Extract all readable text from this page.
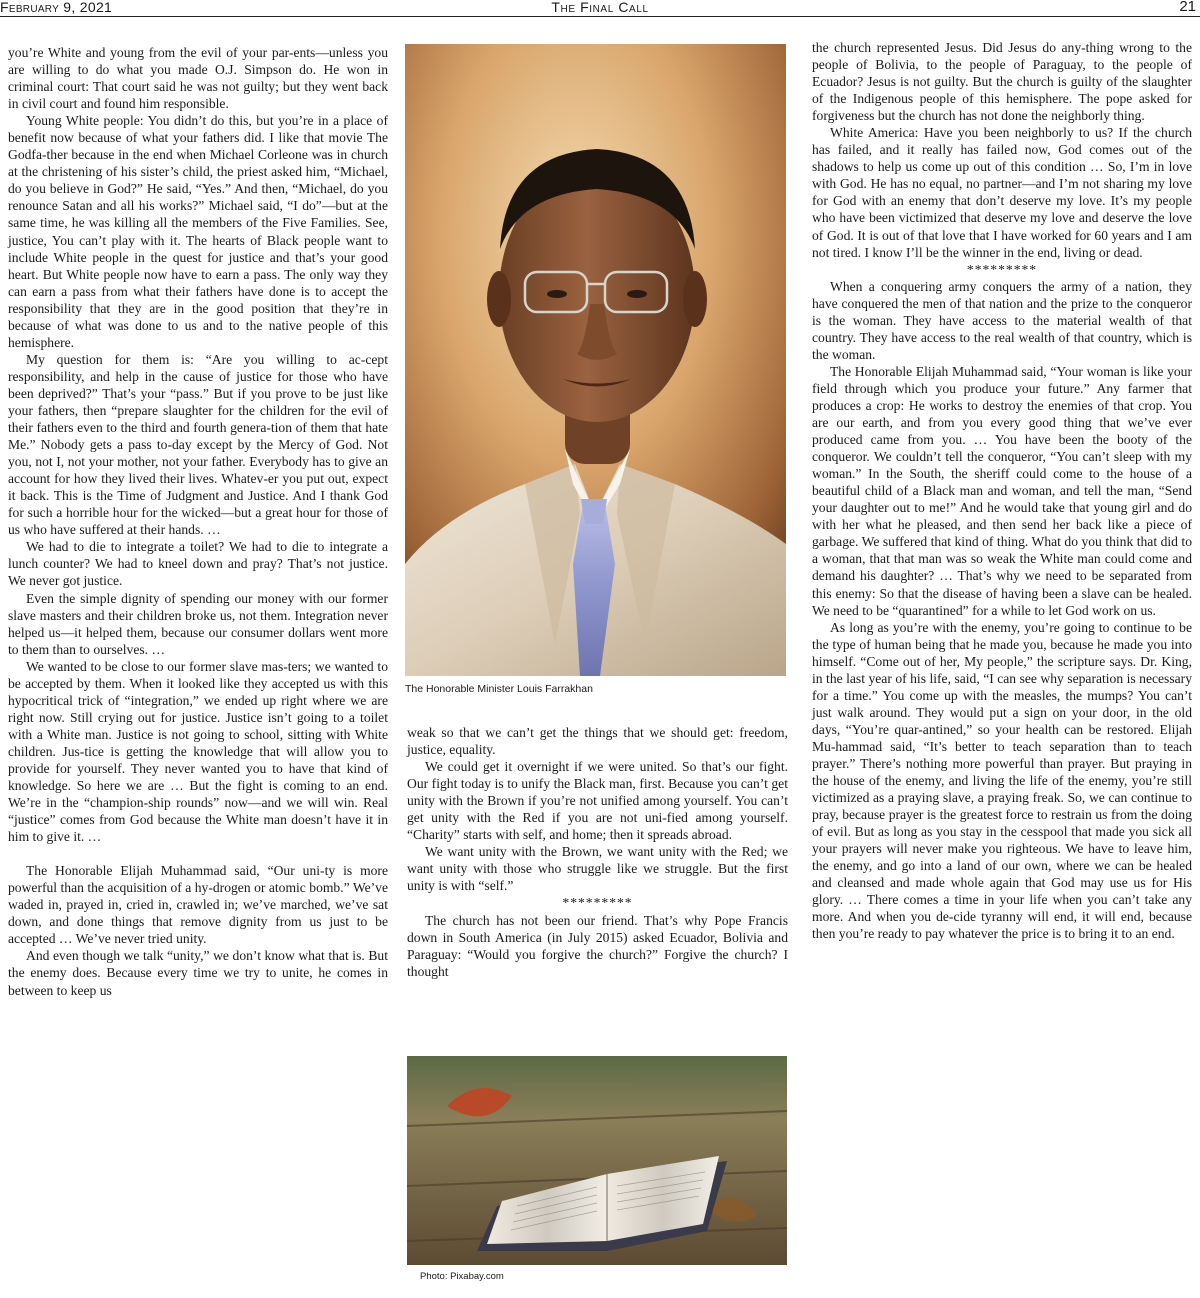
February 9, 2021	The Final Call	21

you’re White and young from the evil of your par-ents—unless you are willing to do what you made O.J. Simpson do. He won in criminal court: That court said he was not guilty; but they went back in civil court and found him responsible.

Young White people: You didn’t do this, but you’re in a place of benefit now because of what your fathers did. I like that movie The Godfa-ther because in the end when Michael Corleone was in church at the christening of his sister’s child, the priest asked him, “Michael, do you believe in God?” He said, “Yes.” And then, “Michael, do you renounce Satan and all his works?” Michael said, “I do”—but at the same time, he was killing all the members of the Five Families. See, justice, You can’t play with it. The hearts of Black people want to include White people in the quest for justice and that’s your good heart. But White people now have to earn a pass. The only way they can earn a pass from what their fathers have done is to accept the responsibility that they are in the good position that they’re in because of what was done to us and to the native people of this hemisphere.

My question for them is: “Are you willing to ac-cept responsibility, and help in the cause of justice for those who have been deprived?” That’s your “pass.” But if you prove to be just like your fathers, then “prepare slaughter for the children for the evil of their fathers even to the third and fourth genera-tion of them that hate Me.” Nobody gets a pass to-day except by the Mercy of God. Not you, not I, not your mother, not your father. Everybody has to give an account for how they lived their lives. Whatev-er you put out, expect it back. This is the Time of Judgment and Justice. And I thank God for such a horrible hour for the wicked—but a great hour for those of us who have suffered at their hands. …

We had to die to integrate a toilet? We had to die to integrate a lunch counter? We had to kneel down and pray? That’s not justice. We never got justice.

Even the simple dignity of spending our money with our former slave masters and their children broke us, not them. Integration never helped us—it helped them, because our consumer dollars went more to them than to ourselves. …

We wanted to be close to our former slave mas-ters; we wanted to be accepted by them. When it looked like they accepted us with this hypocritical trick of “integration,” we ended up right where we are right now. Still crying out for justice. Justice isn’t going to a toilet with a White man. Justice is not going to school, sitting with White children. Jus-tice is getting the knowledge that will allow you to provide for yourself. They never wanted you to have that kind of knowledge. So here we are … But the fight is coming to an end. We’re in the “champion-ship rounds” now—and we will win. Real “justice” comes from God because the White man doesn’t have it in him to give it. …

The Honorable Elijah Muhammad said, “Our uni-ty is more powerful than the acquisition of a hy-drogen or atomic bomb.” We’ve waded in, prayed in, cried in, crawled in; we’ve marched, we’ve sat down, and done things that remove dignity from us just to be accepted … We’ve never tried unity.

And even though we talk “unity,” we don’t know what that is. But the enemy does. Because every time we try to unite, he comes in between to keep us

The Honorable Minister Louis Farrakhan

weak so that we can’t get the things that we should get: freedom, justice, equality.

We could get it overnight if we were united. So that’s our fight. Our fight today is to unify the Black man, first. Because you can’t get unity with the Brown if you’re not unified among yourself. You can’t get unity with the Red if you are not uni-fied among yourself. “Charity” starts with self, and home; then it spreads abroad.

We want unity with the Brown, we want unity with the Red; we want unity with those who struggle like we struggle. But the first unity is with “self.”

*********

The church has not been our friend. That’s why Pope Francis down in South America (in July 2015) asked Ecuador, Bolivia and Paraguay: “Would you forgive the church?” Forgive the church? I thought

Photo: Pixabay.com

the church represented Jesus. Did Jesus do any-thing wrong to the people of Bolivia, to the people of Paraguay, to the people of Ecuador? Jesus is not guilty. But the church is guilty of the slaughter of the Indigenous people of this hemisphere. The pope asked for forgiveness but the church has not done the neighborly thing.

White America: Have you been neighborly to us? If the church has failed, and it really has failed now, God comes out of the shadows to help us come up out of this condition … So, I’m in love with God. He has no equal, no partner—and I’m not sharing my love for God with an enemy that don’t deserve my love. It’s my people who have been victimized that deserve my love and deserve the love of God. It is out of that love that I have worked for 60 years and I am not tired. I know I’ll be the winner in the end, living or dead.

*********

When a conquering army conquers the army of a nation, they have conquered the men of that nation and the prize to the conqueror is the woman. They have access to the material wealth of that country. They have access to the real wealth of that country, which is the woman.

The Honorable Elijah Muhammad said, “Your woman is like your field through which you produce your future.” Any farmer that produces a crop: He works to destroy the enemies of that crop. You are our earth, and from you every good thing that we’ve ever produced came from you. … You have been the booty of the conqueror. We couldn’t tell the conqueror, “You can’t sleep with my woman.” In the South, the sheriff could come to the house of a beautiful child of a Black man and woman, and tell the man, “Send your daughter out to me!” And he would take that young girl and do with her what he pleased, and then send her back like a piece of garbage. We suffered that kind of thing. What do you think that did to a woman, that that man was so weak the White man could come and demand his daughter? … That’s why we need to be separated from this enemy: So that the disease of having been a slave can be healed. We need to be “quarantined” for a while to let God work on us.

As long as you’re with the enemy, you’re going to continue to be the type of human being that he made you, because he made you into himself. “Come out of her, My people,” the scripture says. Dr. King, in the last year of his life, said, “I can see why separation is necessary for a time.” You come up with the measles, the mumps? You can’t just walk around. They would put a sign on your door, in the old days, “You’re quar-antined,” so your health can be restored. Elijah Mu-hammad said, “It’s better to teach separation than to teach prayer.” There’s nothing more powerful than prayer. But praying in the house of the enemy, and living the life of the enemy, you’re still victimized as a praying slave, a praying freak. So, we can continue to pray, because prayer is the greatest force to restrain us from the doing of evil. But as long as you stay in the cesspool that made you sick all your prayers will never make you righteous. We have to leave him, the enemy, and go into a land of our own, where we can be healed and cleansed and made whole again that God may use us for His glory. … There comes a time in your life when you can’t take any more. And when you de-cide tyranny will end, it will end, because then you’re ready to pay whatever the price is to bring it to an end.
